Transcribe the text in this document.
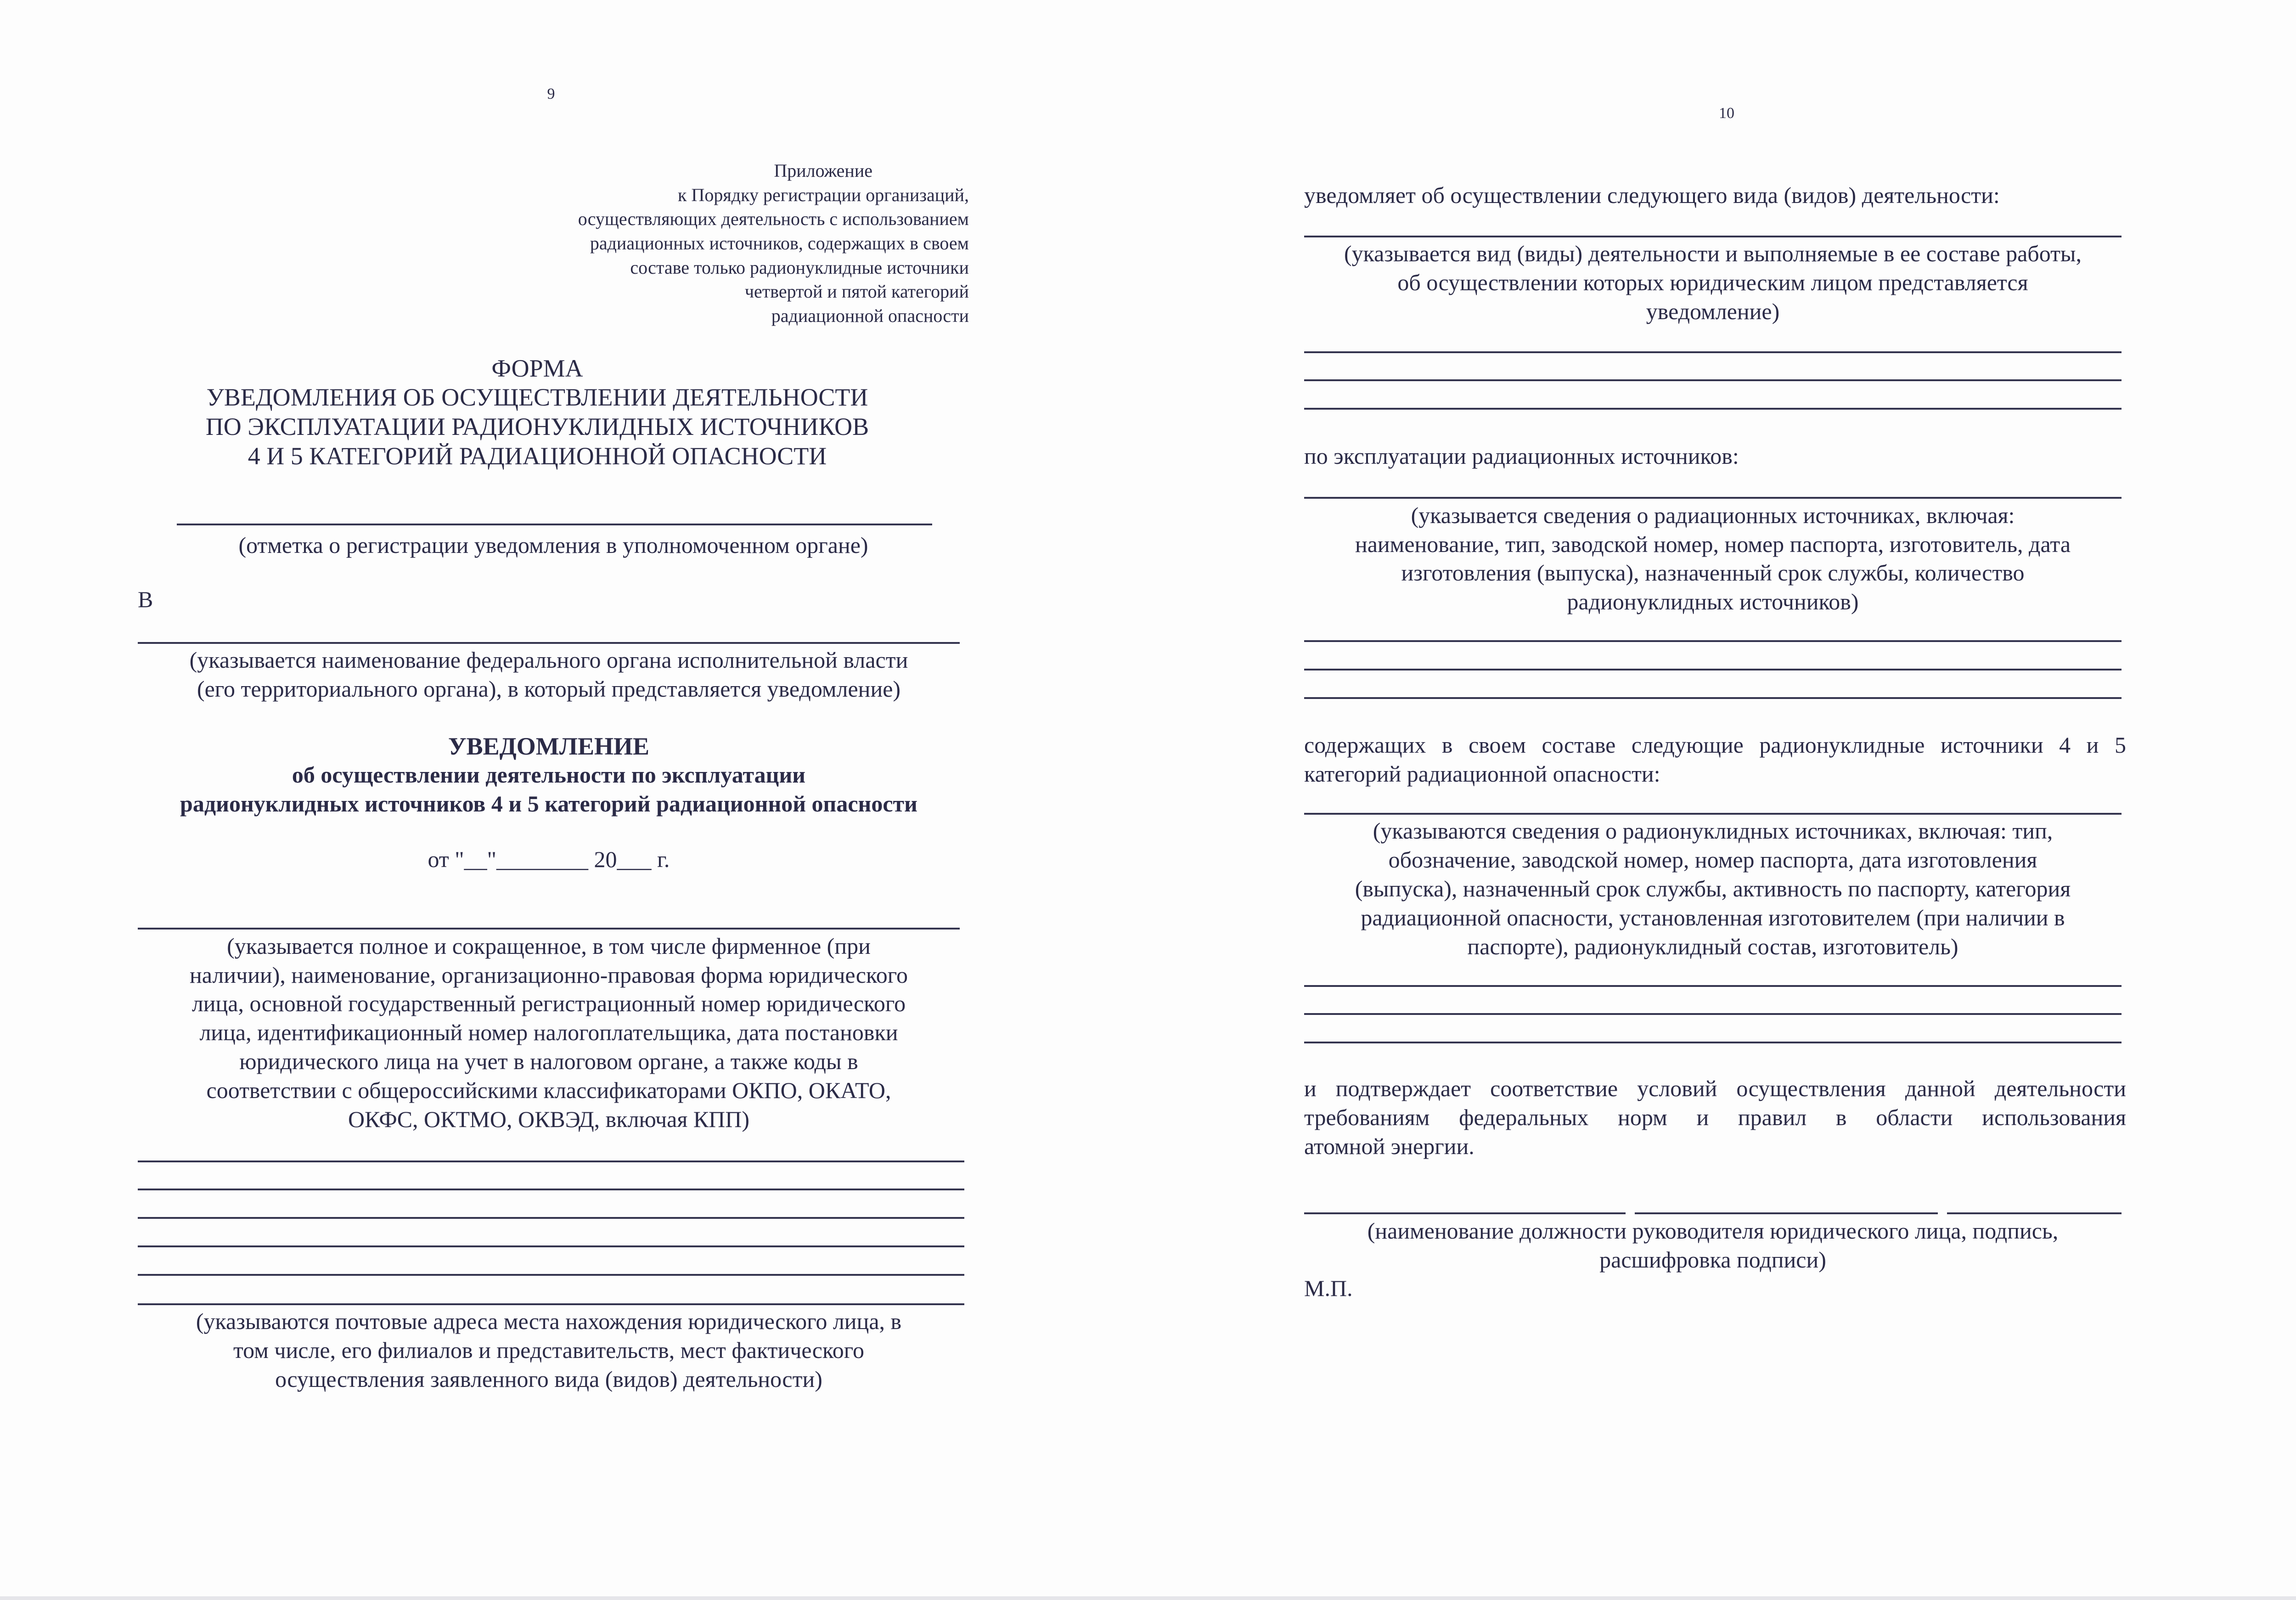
9
Приложение
к Порядку регистрации организаций,
осуществляющих деятельность с использованием
радиационных источников, содержащих в своем
составе только радионуклидные источники
четвертой и пятой категорий
радиационной опасности
ФОРМА
УВЕДОМЛЕНИЯ ОБ ОСУЩЕСТВЛЕНИИ ДЕЯТЕЛЬНОСТИ
ПО ЭКСПЛУАТАЦИИ РАДИОНУКЛИДНЫХ ИСТОЧНИКОВ
4 И 5 КАТЕГОРИЙ РАДИАЦИОННОЙ ОПАСНОСТИ
(отметка о регистрации уведомления в уполномоченном органе)
В
(указывается наименование федерального органа исполнительной власти
(его территориального органа), в который представляется уведомление)
УВЕДОМЛЕНИЕ
об осуществлении деятельности по эксплуатации
радионуклидных источников 4 и 5 категорий радиационной опасности
от "__"________ 20___ г.
(указывается полное и сокращенное, в том числе фирменное (при
наличии), наименование, организационно-правовая форма юридического
лица, основной государственный регистрационный номер юридического
лица, идентификационный номер налогоплательщика, дата постановки
юридического лица на учет в налоговом органе, а также коды в
соответствии с общероссийскими классификаторами ОКПО, ОКАТО,
ОКФС, ОКТМО, ОКВЭД, включая КПП)
(указываются почтовые адреса места нахождения юридического лица, в
том числе, его филиалов и представительств, мест фактического
осуществления заявленного вида (видов) деятельности)
10
уведомляет об осуществлении следующего вида (видов) деятельности:
(указывается вид (виды) деятельности и выполняемые в ее составе работы,
об осуществлении которых юридическим лицом представляется
уведомление)
по эксплуатации радиационных источников:
(указывается сведения о радиационных источниках, включая:
наименование, тип, заводской номер, номер паспорта, изготовитель, дата
изготовления (выпуска), назначенный срок службы, количество
радионуклидных источников)
содержащих в своем составе следующие радионуклидные источники 4 и 5
категорий радиационной опасности:
(указываются сведения о радионуклидных источниках, включая: тип,
обозначение, заводской номер, номер паспорта, дата изготовления
(выпуска), назначенный срок службы, активность по паспорту, категория
радиационной опасности, установленная изготовителем (при наличии в
паспорте), радионуклидный состав, изготовитель)
и подтверждает соответствие условий осуществления данной деятельности
требованиям федеральных норм и правил в области использования
атомной энергии.
(наименование должности руководителя юридического лица, подпись,
расшифровка подписи)
М.П.
